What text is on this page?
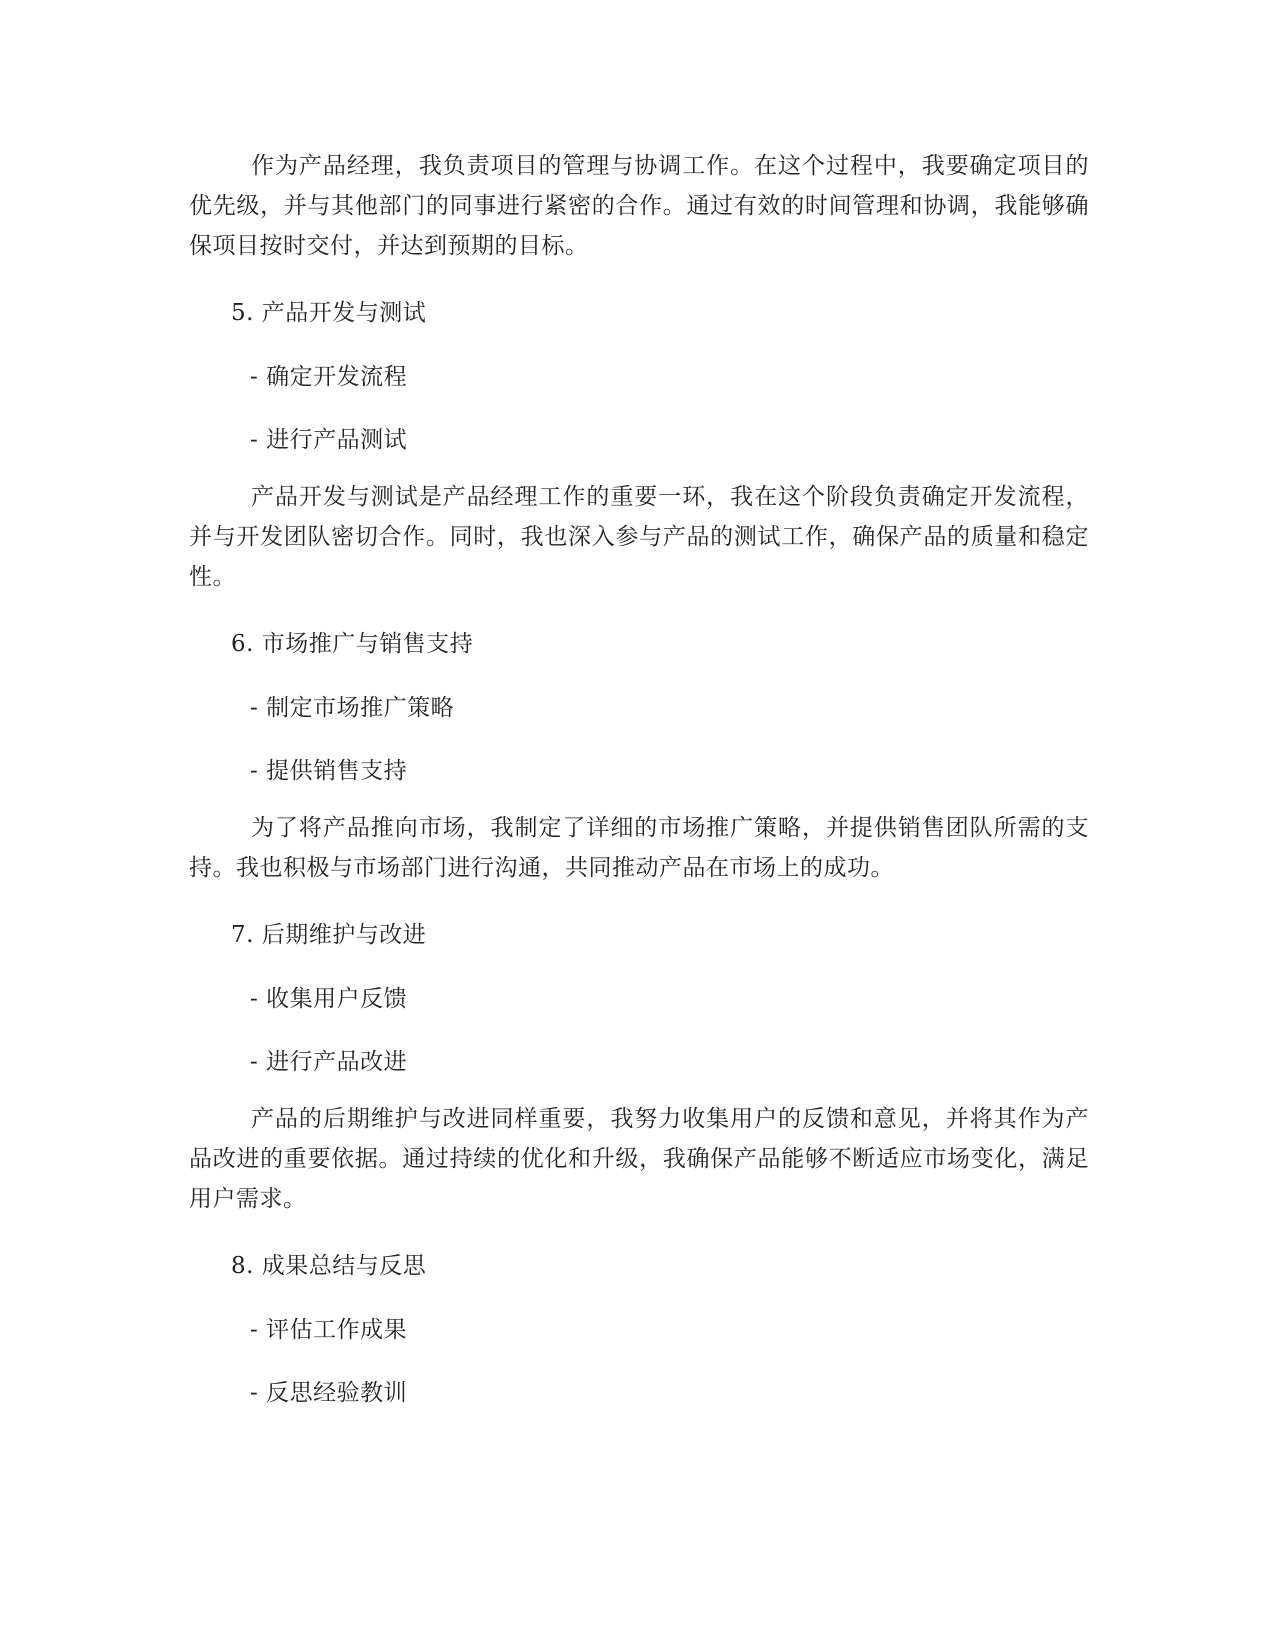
作为产品经理，我负责项目的管理与协调工作。在这个过程中，我要确定项目的优先级，并与其他部门的同事进行紧密的合作。通过有效的时间管理和协调，我能够确保项目按时交付，并达到预期的目标。

5. 产品开发与测试

- 确定开发流程

- 进行产品测试

产品开发与测试是产品经理工作的重要一环，我在这个阶段负责确定开发流程，并与开发团队密切合作。同时，我也深入参与产品的测试工作，确保产品的质量和稳定性。

6. 市场推广与销售支持

- 制定市场推广策略

- 提供销售支持

为了将产品推向市场，我制定了详细的市场推广策略，并提供销售团队所需的支持。我也积极与市场部门进行沟通，共同推动产品在市场上的成功。

7. 后期维护与改进

- 收集用户反馈

- 进行产品改进

产品的后期维护与改进同样重要，我努力收集用户的反馈和意见，并将其作为产品改进的重要依据。通过持续的优化和升级，我确保产品能够不断适应市场变化，满足用户需求。

8. 成果总结与反思

- 评估工作成果

- 反思经验教训
